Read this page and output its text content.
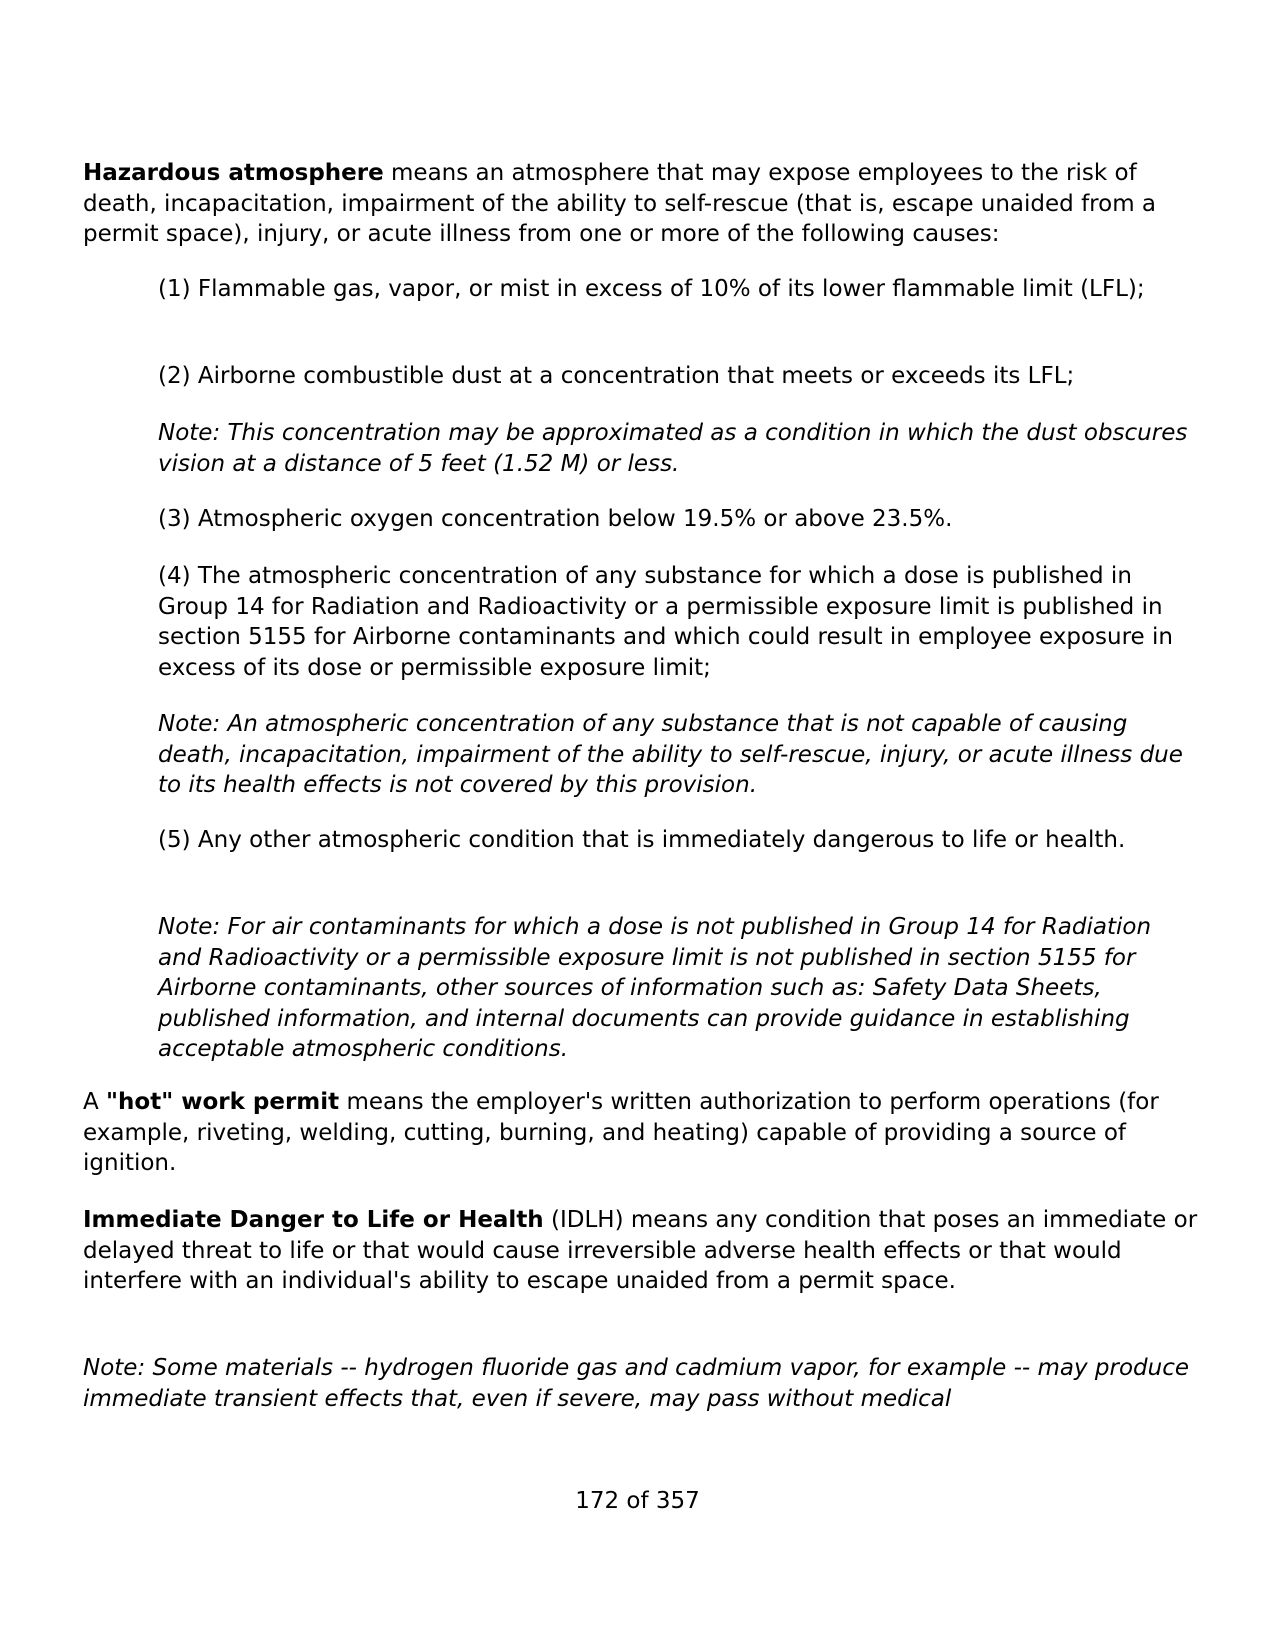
Hazardous atmosphere means an atmosphere that may expose employees to the risk of death, incapacitation, impairment of the ability to self-rescue (that is, escape unaided from a permit space), injury, or acute illness from one or more of the following causes:

(1) Flammable gas, vapor, or mist in excess of 10% of its lower flammable limit (LFL);

(2) Airborne combustible dust at a concentration that meets or exceeds its LFL;

Note: This concentration may be approximated as a condition in which the dust obscures vision at a distance of 5 feet (1.52 M) or less.

(3) Atmospheric oxygen concentration below 19.5% or above 23.5%.

(4) The atmospheric concentration of any substance for which a dose is published in Group 14 for Radiation and Radioactivity or a permissible exposure limit is published in section 5155 for Airborne contaminants and which could result in employee exposure in excess of its dose or permissible exposure limit;

Note: An atmospheric concentration of any substance that is not capable of causing death, incapacitation, impairment of the ability to self-rescue, injury, or acute illness due to its health effects is not covered by this provision.

(5) Any other atmospheric condition that is immediately dangerous to life or health.

Note: For air contaminants for which a dose is not published in Group 14 for Radiation and Radioactivity or a permissible exposure limit is not published in section 5155 for Airborne contaminants, other sources of information such as: Safety Data Sheets, published information, and internal documents can provide guidance in establishing acceptable atmospheric conditions.

A "hot" work permit means the employer's written authorization to perform operations (for example, riveting, welding, cutting, burning, and heating) capable of providing a source of ignition.

Immediate Danger to Life or Health (IDLH) means any condition that poses an immediate or delayed threat to life or that would cause irreversible adverse health effects or that would interfere with an individual's ability to escape unaided from a permit space.

Note: Some materials -- hydrogen fluoride gas and cadmium vapor, for example -- may produce immediate transient effects that, even if severe, may pass without medical

172 of 357
